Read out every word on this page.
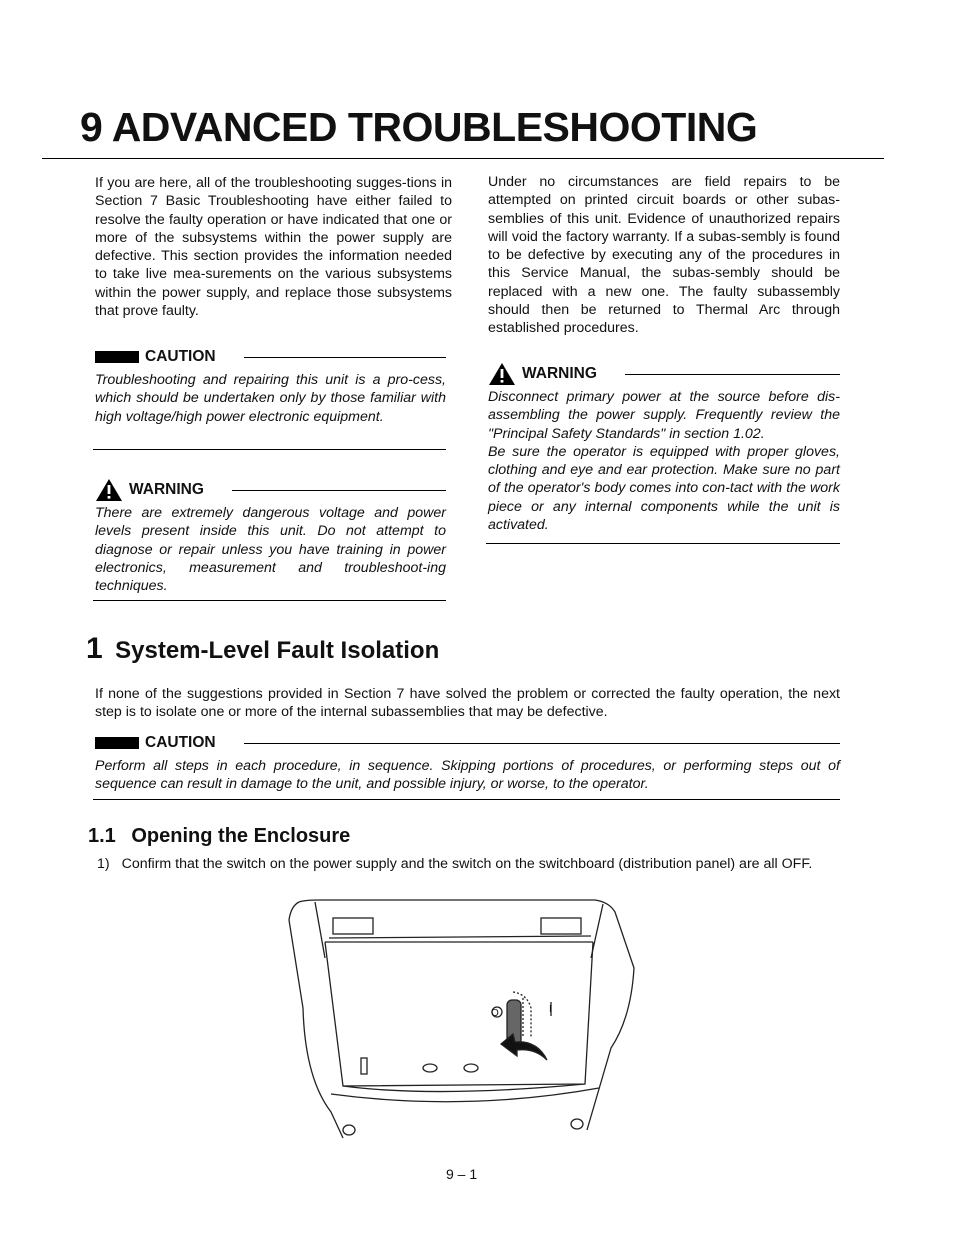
9 ADVANCED TROUBLESHOOTING
If you are here, all of the troubleshooting sugges-tions in Section 7 Basic Troubleshooting have either failed to resolve the faulty operation or have indicated that one or more of the subsystems within the power supply are defective. This section provides the information needed to take live mea-surements on the various subsystems within the power supply, and replace those subsystems that prove faulty.
Under no circumstances are field repairs to be attempted on printed circuit boards or other subas-semblies of this unit. Evidence of unauthorized repairs will void the factory warranty. If a subas-sembly is found to be defective by executing any of the procedures in this Service Manual, the subas-sembly should be replaced with a new one. The faulty subassembly should then be returned to Thermal Arc through established procedures.
CAUTION
Troubleshooting and repairing this unit is a pro-cess, which should be undertaken only by those familiar with high voltage/high power electronic equipment.
WARNING
There are extremely dangerous voltage and power levels present inside this unit. Do not attempt to diagnose or repair unless you have training in power electronics, measurement and troubleshoot-ing techniques.
WARNING
Disconnect primary power at the source before dis-assembling the power supply. Frequently review the "Principal Safety Standards" in section 1.02.
Be sure the operator is equipped with proper gloves, clothing and eye and ear protection. Make sure no part of the operator's body comes into con-tact with the work piece or any internal components while the unit is activated.
1 System-Level Fault Isolation
If none of the suggestions provided in Section 7 have solved the problem or corrected the faulty operation, the next step is to isolate one or more of the internal subassemblies that may be defective.
CAUTION
Perform all steps in each procedure, in sequence. Skipping portions of procedures, or performing steps out of sequence can result in damage to the unit, and possible injury, or worse, to the operator.
1.1 Opening the Enclosure
1) Confirm that the switch on the power supply and the switch on the switchboard (distribution panel) are all OFF.
O	I
9 – 1
